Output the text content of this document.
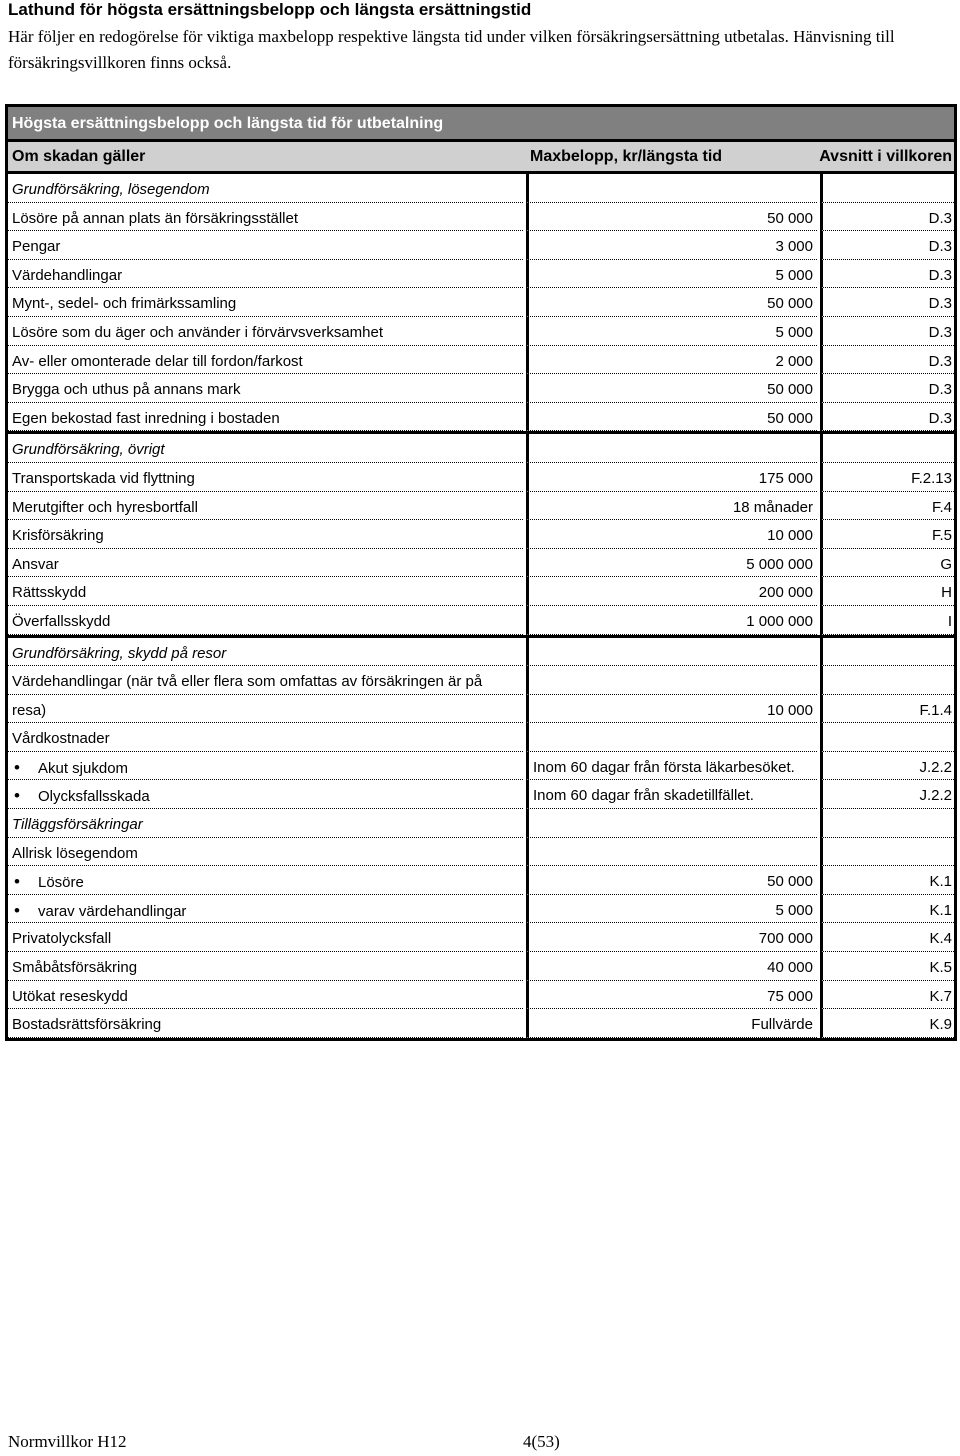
Lathund för högsta ersättningsbelopp och längsta ersättningstid
Här följer en redogörelse för viktiga maxbelopp respektive längsta tid under vilken försäkringsersättning utbetalas. Hänvisning till försäkringsvillkoren finns också.
Högsta ersättningsbelopp och längsta tid för utbetalning
Om skadan gäller	Maxbelopp, kr/längsta tid	Avsnitt i villkoren
Grundförsäkring, lösegendom
Lösöre på annan plats än försäkringsstället	50 000	D.3
Pengar	3 000	D.3
Värdehandlingar	5 000	D.3
Mynt-, sedel- och frimärkssamling	50 000	D.3
Lösöre som du äger och använder i förvärvsverksamhet	5 000	D.3
Av- eller omonterade delar till fordon/farkost	2 000	D.3
Brygga och uthus på annans mark	50 000	D.3
Egen bekostad fast inredning i bostaden	50 000	D.3
Grundförsäkring, övrigt
Transportskada vid flyttning	175 000	F.2.13
Merutgifter och hyresbortfall	18 månader	F.4
Krisförsäkring	10 000	F.5
Ansvar	5 000 000	G
Rättsskydd	200 000	H
Överfallsskydd	1 000 000	I
Grundförsäkring, skydd på resor
Värdehandlingar (när två eller flera som omfattas av försäkringen är på
resa)	10 000	F.1.4
Vårdkostnader
•Akut sjukdom	Inom 60 dagar från första läkarbesöket.	J.2.2
•Olycksfallsskada	Inom 60 dagar från skadetillfället.	J.2.2
Tilläggsförsäkringar
Allrisk lösegendom
•Lösöre	50 000	K.1
•varav värdehandlingar	5 000	K.1
Privatolycksfall	700 000	K.4
Småbåtsförsäkring	40 000	K.5
Utökat reseskydd	75 000	K.7
Bostadsrättsförsäkring	Fullvärde	K.9
Normvillkor H12	4(53)
